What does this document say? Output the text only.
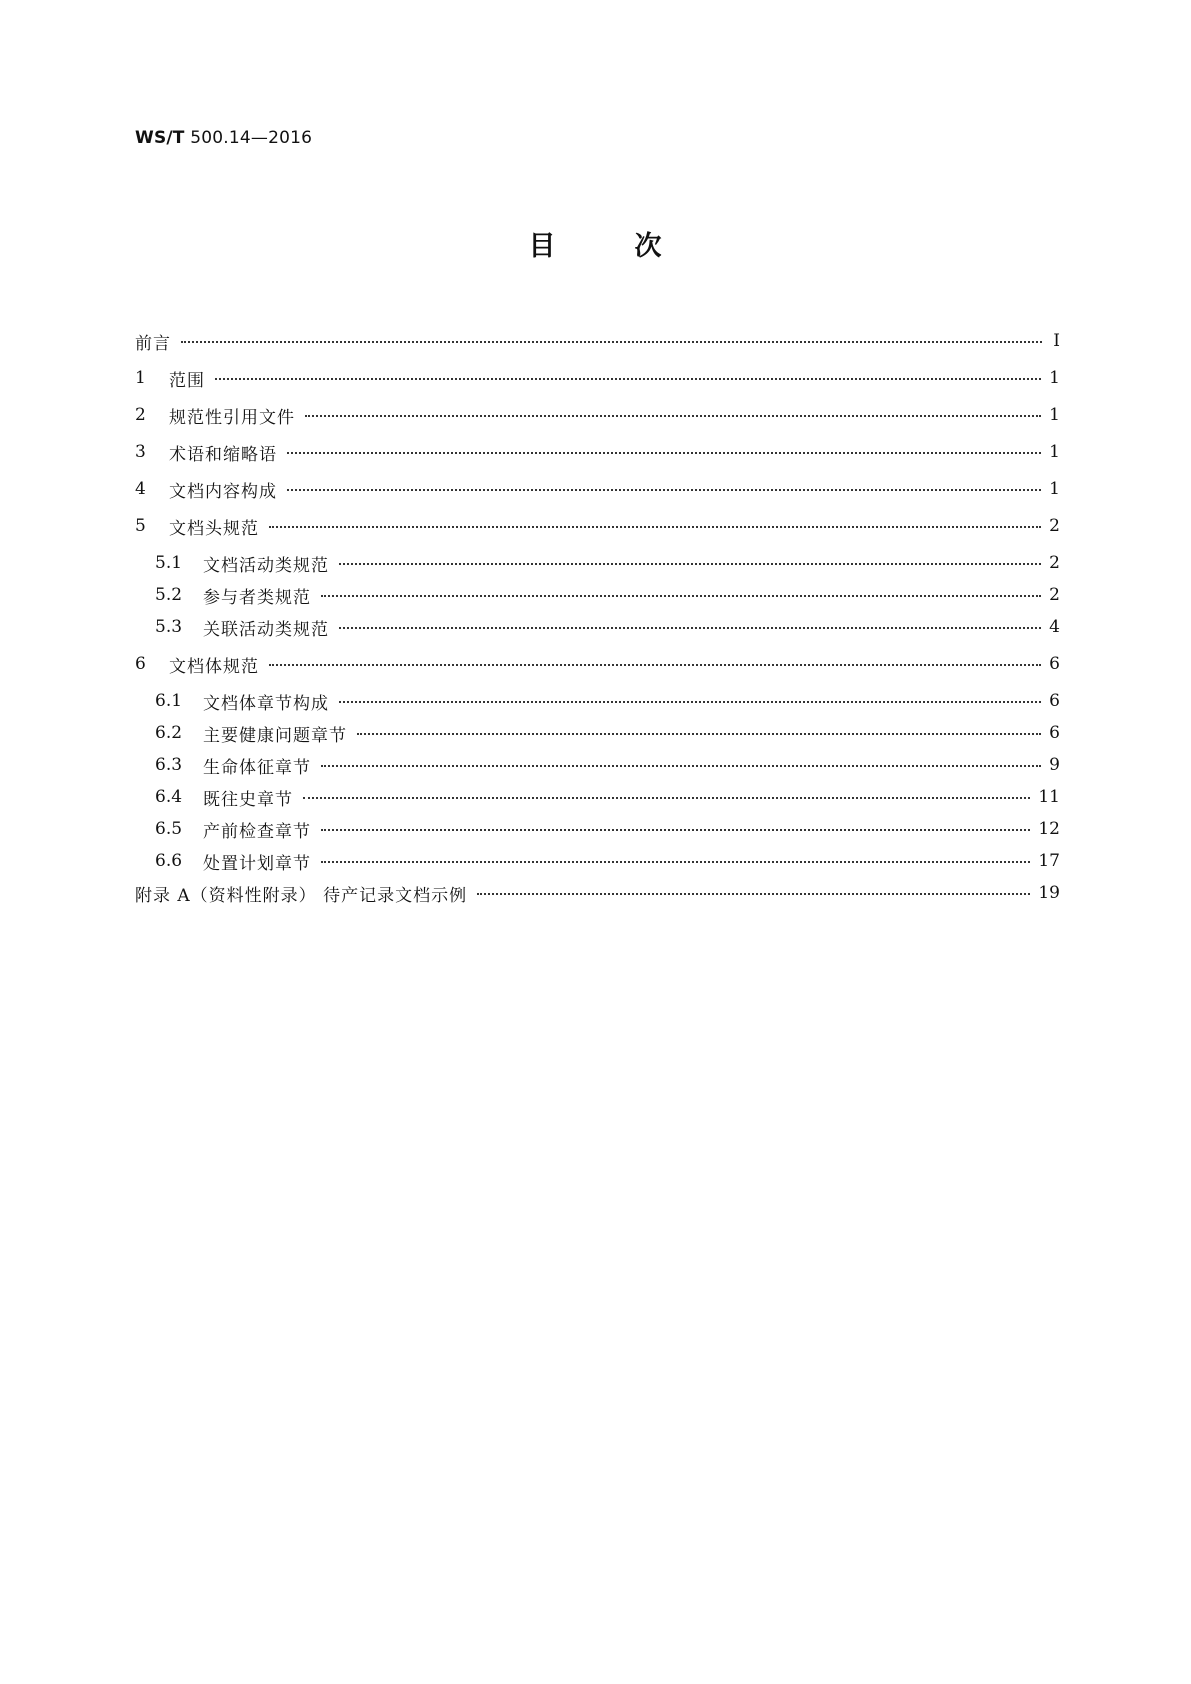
WS/T 500.14—2016
目	次
前言	Ⅰ
1	范围	1
2	规范性引用文件	1
3	术语和缩略语	1
4	文档内容构成	1
5	文档头规范	2
5.1	文档活动类规范	2
5.2	参与者类规范	2
5.3	关联活动类规范	4
6	文档体规范	6
6.1	文档体章节构成	6
6.2	主要健康问题章节	6
6.3	生命体征章节	9
6.4	既往史章节	11
6.5	产前检查章节	12
6.6	处置计划章节	17
附录 A（资料性附录） 待产记录文档示例	19
